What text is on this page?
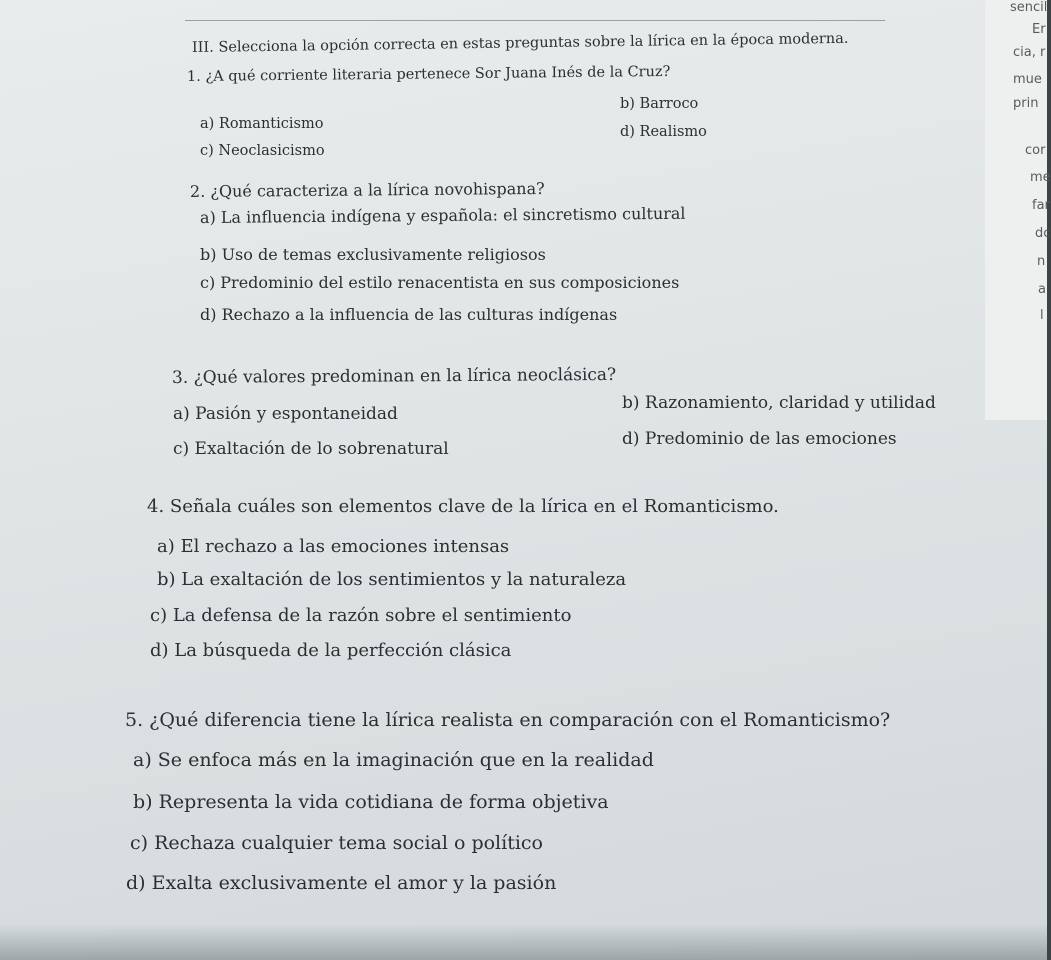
sencil
Er
cia, r
mue
prin
cor
me
far
dc
n
a
l
III. Selecciona la opción correcta en estas preguntas sobre la lírica en la época moderna.
1. ¿A qué corriente literaria pertenece Sor Juana Inés de la Cruz?
b) Barroco
a) Romanticismo	d) Realismo
c) Neoclasicismo
2. ¿Qué caracteriza a la lírica novohispana?
a) La influencia indígena y española: el sincretismo cultural
b) Uso de temas exclusivamente religiosos
c) Predominio del estilo renacentista en sus composiciones
d) Rechazo a la influencia de las culturas indígenas
3. ¿Qué valores predominan en la lírica neoclásica?
b) Razonamiento, claridad y utilidad
a) Pasión y espontaneidad
d) Predominio de las emociones
c) Exaltación de lo sobrenatural
4. Señala cuáles son elementos clave de la lírica en el Romanticismo.
a) El rechazo a las emociones intensas
b) La exaltación de los sentimientos y la naturaleza
c) La defensa de la razón sobre el sentimiento
d) La búsqueda de la perfección clásica
5. ¿Qué diferencia tiene la lírica realista en comparación con el Romanticismo?
a) Se enfoca más en la imaginación que en la realidad
b) Representa la vida cotidiana de forma objetiva
c) Rechaza cualquier tema social o político
d) Exalta exclusivamente el amor y la pasión
